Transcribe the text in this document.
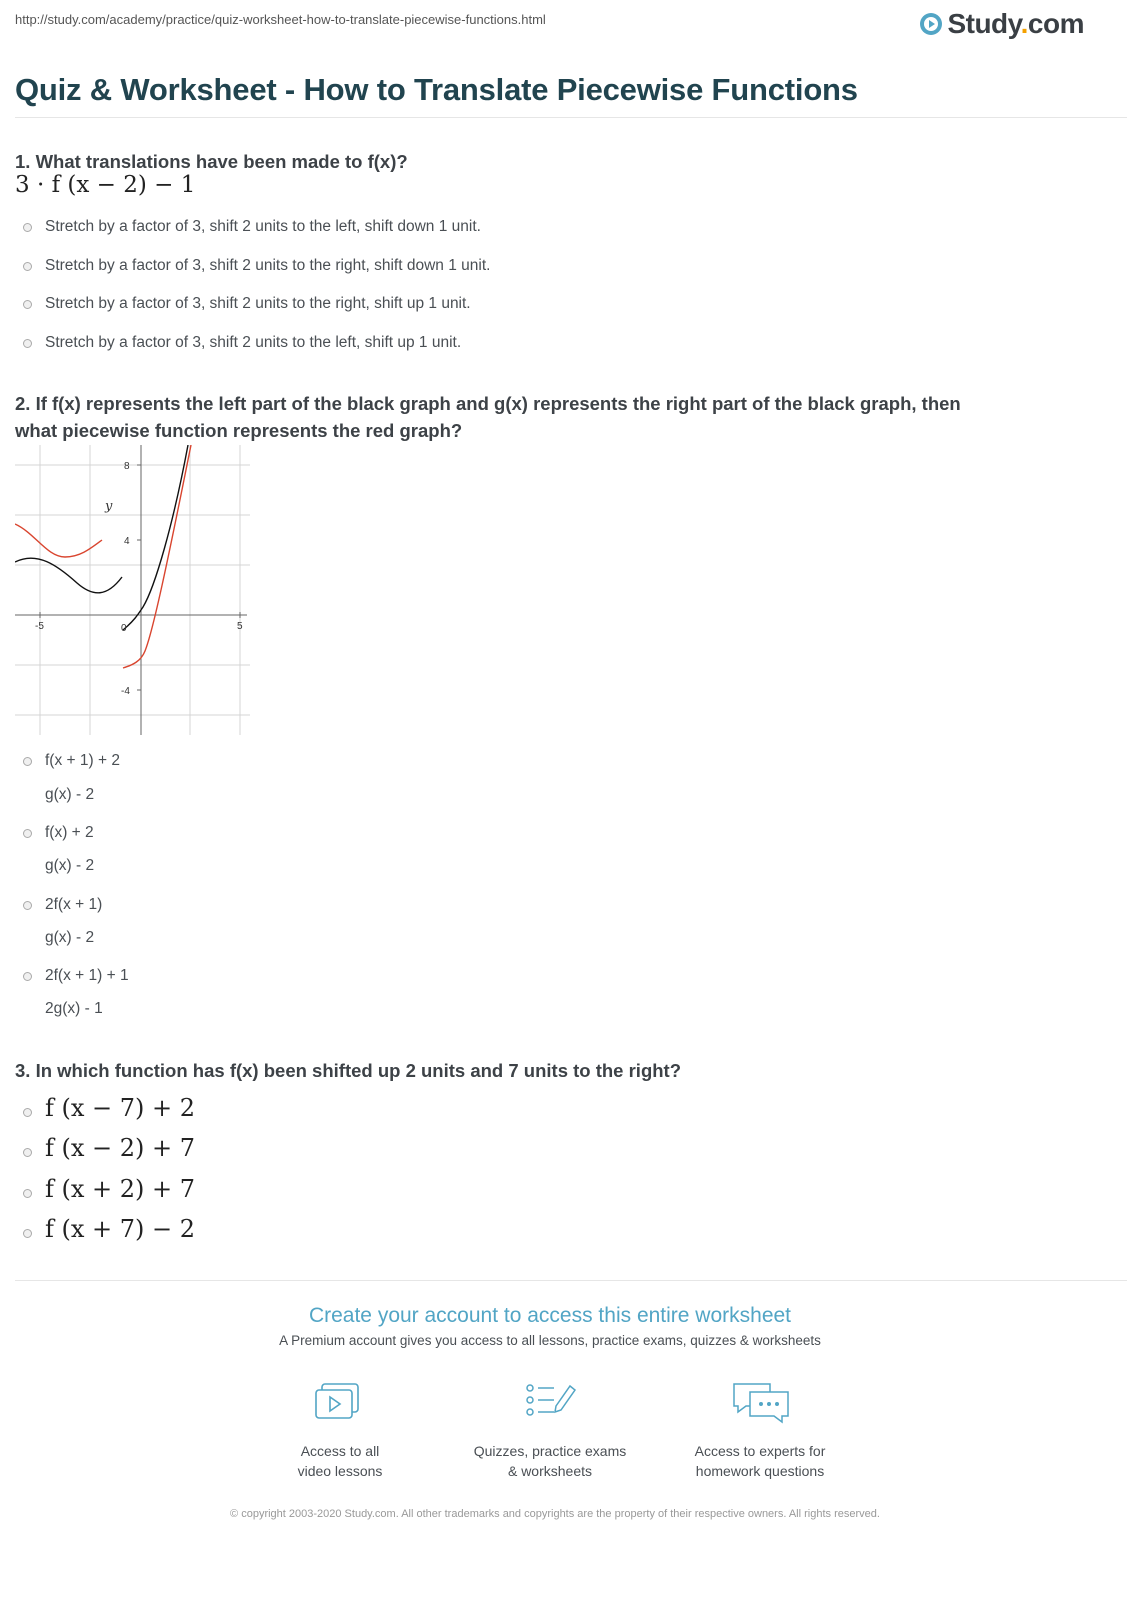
http://study.com/academy/practice/quiz-worksheet-how-to-translate-piecewise-functions.html	Study.com
Quiz & Worksheet - How to Translate Piecewise Functions
1. What translations have been made to f(x)?
3 · f (x − 2) − 1
Stretch by a factor of 3, shift 2 units to the left, shift down 1 unit.
Stretch by a factor of 3, shift 2 units to the right, shift down 1 unit.
Stretch by a factor of 3, shift 2 units to the right, shift up 1 unit.
Stretch by a factor of 3, shift 2 units to the left, shift up 1 unit.
2. If f(x) represents the left part of the black graph and g(x) represents the right part of the black graph, then
what piecewise function represents the red graph?
y
8
4
-4
-5	0	5
f(x + 1) + 2
g(x) - 2
f(x) + 2
g(x) - 2
2f(x + 1)
g(x) - 2
2f(x + 1) + 1
2g(x) - 1
3. In which function has f(x) been shifted up 2 units and 7 units to the right?
f (x − 7) + 2
f (x − 2) + 7
f (x + 2) + 7
f (x + 7) − 2
Create your account to access this entire worksheet
A Premium account gives you access to all lessons, practice exams, quizzes & worksheets
Access to all
video lessons
Quizzes, practice exams
& worksheets
Access to experts for
homework questions
© copyright 2003-2020 Study.com. All other trademarks and copyrights are the property of their respective owners. All rights reserved.
